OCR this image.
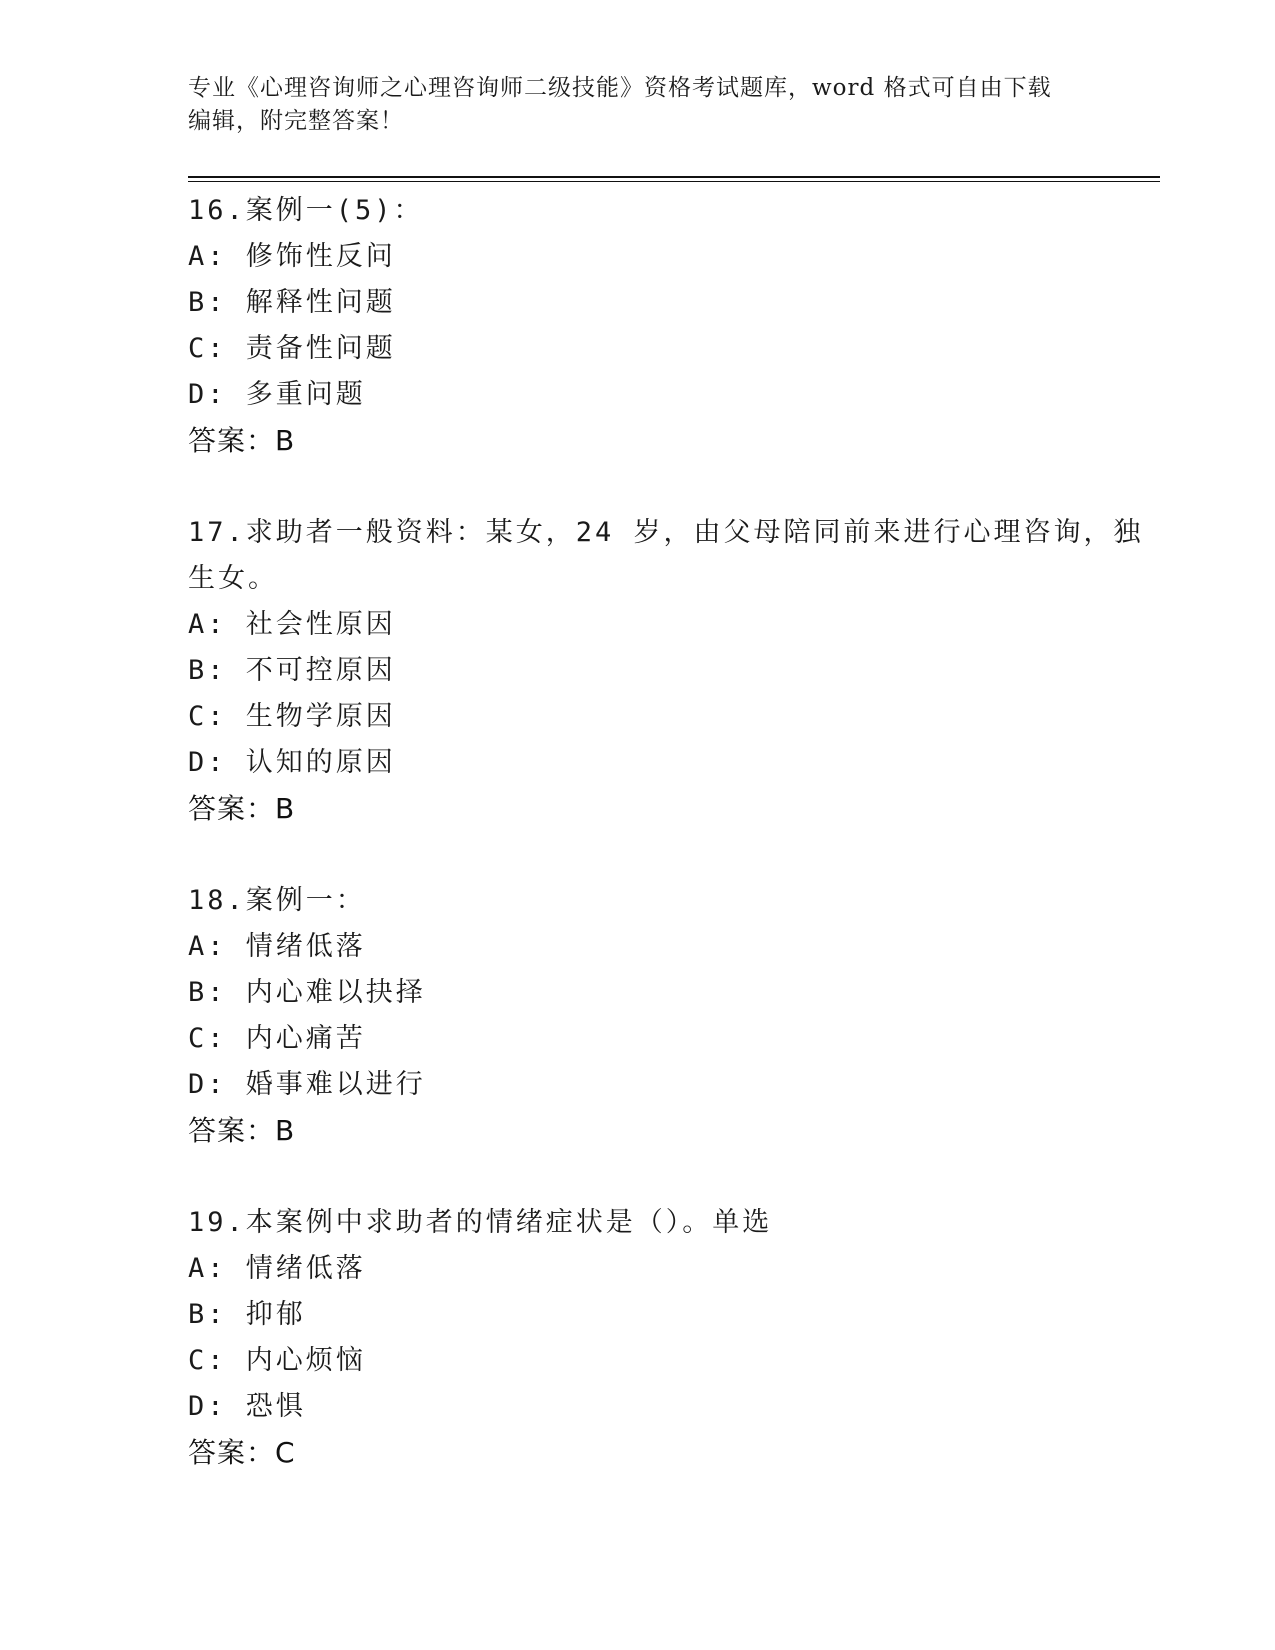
专业《心理咨询师之心理咨询师二级技能》资格考试题库，word 格式可自由下载
编辑，附完整答案！
16.案例一(5)：
A: 修饰性反问
B: 解释性问题
C: 责备性问题
D: 多重问题
答案：B
17.求助者一般资料：某女，24 岁，由父母陪同前来进行心理咨询，独
生女。
A: 社会性原因
B: 不可控原因
C: 生物学原因
D: 认知的原因
答案：B
18.案例一：
A: 情绪低落
B: 内心难以抉择
C: 内心痛苦
D: 婚事难以进行
答案：B
19.本案例中求助者的情绪症状是（）。单选
A: 情绪低落
B: 抑郁
C: 内心烦恼
D: 恐惧
答案：C
